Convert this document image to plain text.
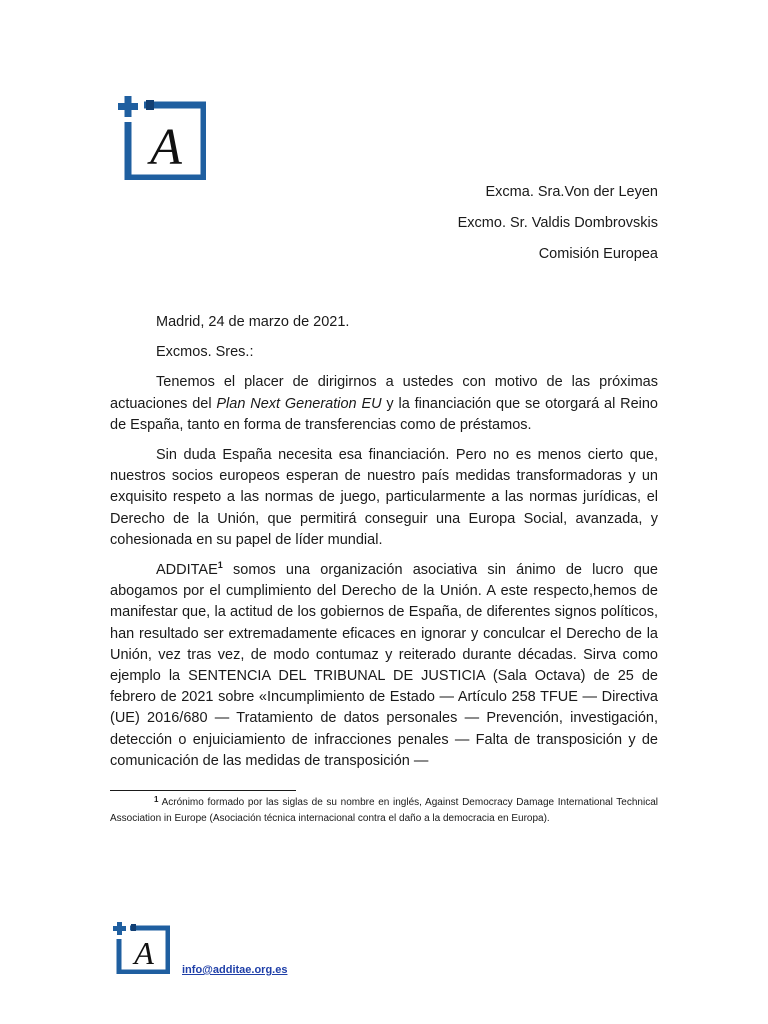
A

Excma. Sra.Von der Leyen

Excmo. Sr. Valdis Dombrovskis

Comisión Europea

Madrid, 24 de marzo de 2021.

Excmos. Sres.:

Tenemos el placer de dirigirnos a ustedes con motivo de las próximas actuaciones del Plan Next Generation EU y la financiación que se otorgará al Reino de España, tanto en forma de transferencias como de préstamos.

Sin duda España necesita esa financiación. Pero no es menos cierto que, nuestros socios europeos esperan de nuestro país medidas transformadoras y un exquisito respeto a las normas de juego, particularmente a las normas jurídicas, el Derecho de la Unión, que permitirá conseguir una Europa Social, avanzada, y cohesionada en su papel de líder mundial.

ADDITAE$^1$ somos una organización asociativa sin ánimo de lucro que abogamos por el cumplimiento del Derecho de la Unión. A este respecto,hemos de manifestar que, la actitud de los gobiernos de España, de diferentes signos políticos, han resultado ser extremadamente eficaces en ignorar y conculcar el Derecho de la Unión, vez tras vez, de modo contumaz y reiterado durante décadas. Sirva como ejemplo la SENTENCIA DEL TRIBUNAL DE JUSTICIA (Sala Octava) de 25 de febrero de 2021 sobre «Incumplimiento de Estado — Artículo 258 TFUE — Directiva (UE) 2016/680 — Tratamiento de datos personales — Prevención, investigación, detección o enjuiciamiento de infracciones penales — Falta de transposición y de comunicación de las medidas de transposición —

$^1$ Acrónimo formado por las siglas de su nombre en inglés, Against Democracy Damage International Technical Association in Europe (Asociación técnica internacional contra el daño a la democracia en Europa).

A	info@additae.org.es
